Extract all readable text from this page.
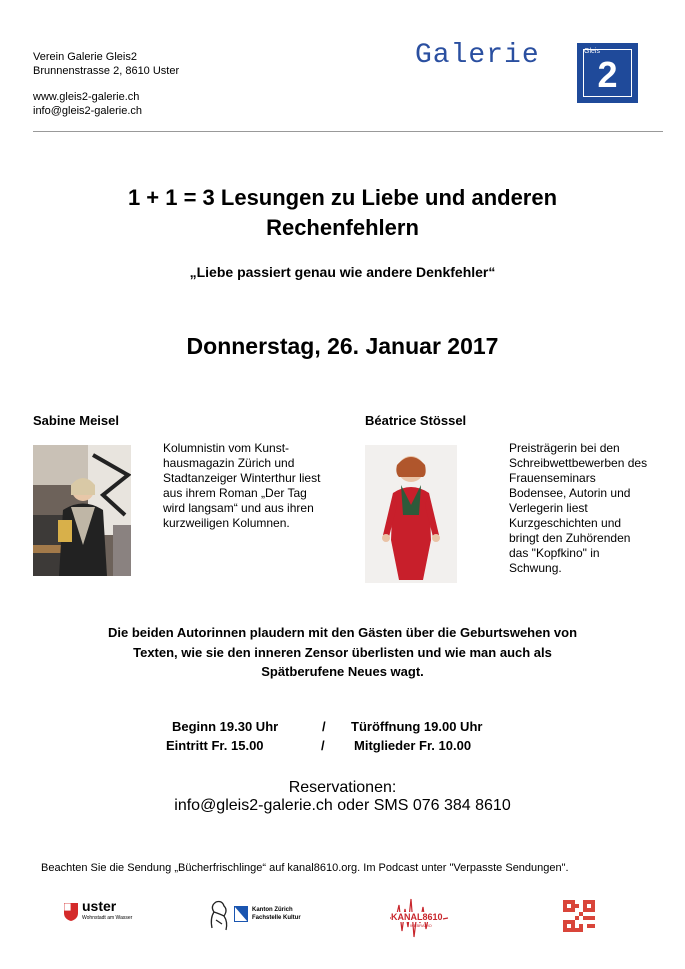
Verein Galerie Gleis2
Brunnenstrasse 2, 8610 Uster
www.gleis2-galerie.ch
info@gleis2-galerie.ch
Galerie	Gleis
2
1 + 1 = 3 Lesungen zu Liebe und anderen
Rechenfehlern
„Liebe passiert genau wie andere Denkfehler“
Donnerstag, 26. Januar 2017
Sabine Meisel
Kolumnistin vom Kunst-
hausmagazin Zürich und
Stadtanzeiger Winterthur liest
aus ihrem Roman „Der Tag
wird langsam“ und aus ihren
kurzweiligen Kolumnen.
Béatrice Stössel
Preisträgerin bei den
Schreibwettbewerben des
Frauenseminars
Bodensee, Autorin und
Verlegerin liest
Kurzgeschichten und
bringt den Zuhörenden
das "Kopfkino" in
Schwung.
Die beiden Autorinnen plaudern mit den Gästen über die Geburtswehen von
Texten, wie sie den inneren Zensor überlisten und wie man auch als
Spätberufene Neues wagt.
Beginn 19.30 Uhr	/ Türöffnung 19.00 Uhr
Eintritt Fr. 15.00	/ Mitglieder Fr. 10.00
Reservationen:
info@gleis2-galerie.ch oder SMS 076 384 8610
Beachten Sie die Sendung „Bücherfrischlinge“ auf kanal8610.org. Im Podcast unter "Verpasste Sendungen".
uster
Wohnstadt am Wasser
Kanton Zürich
Fachstelle Kultur	KANAL8610
WEBRADIO
